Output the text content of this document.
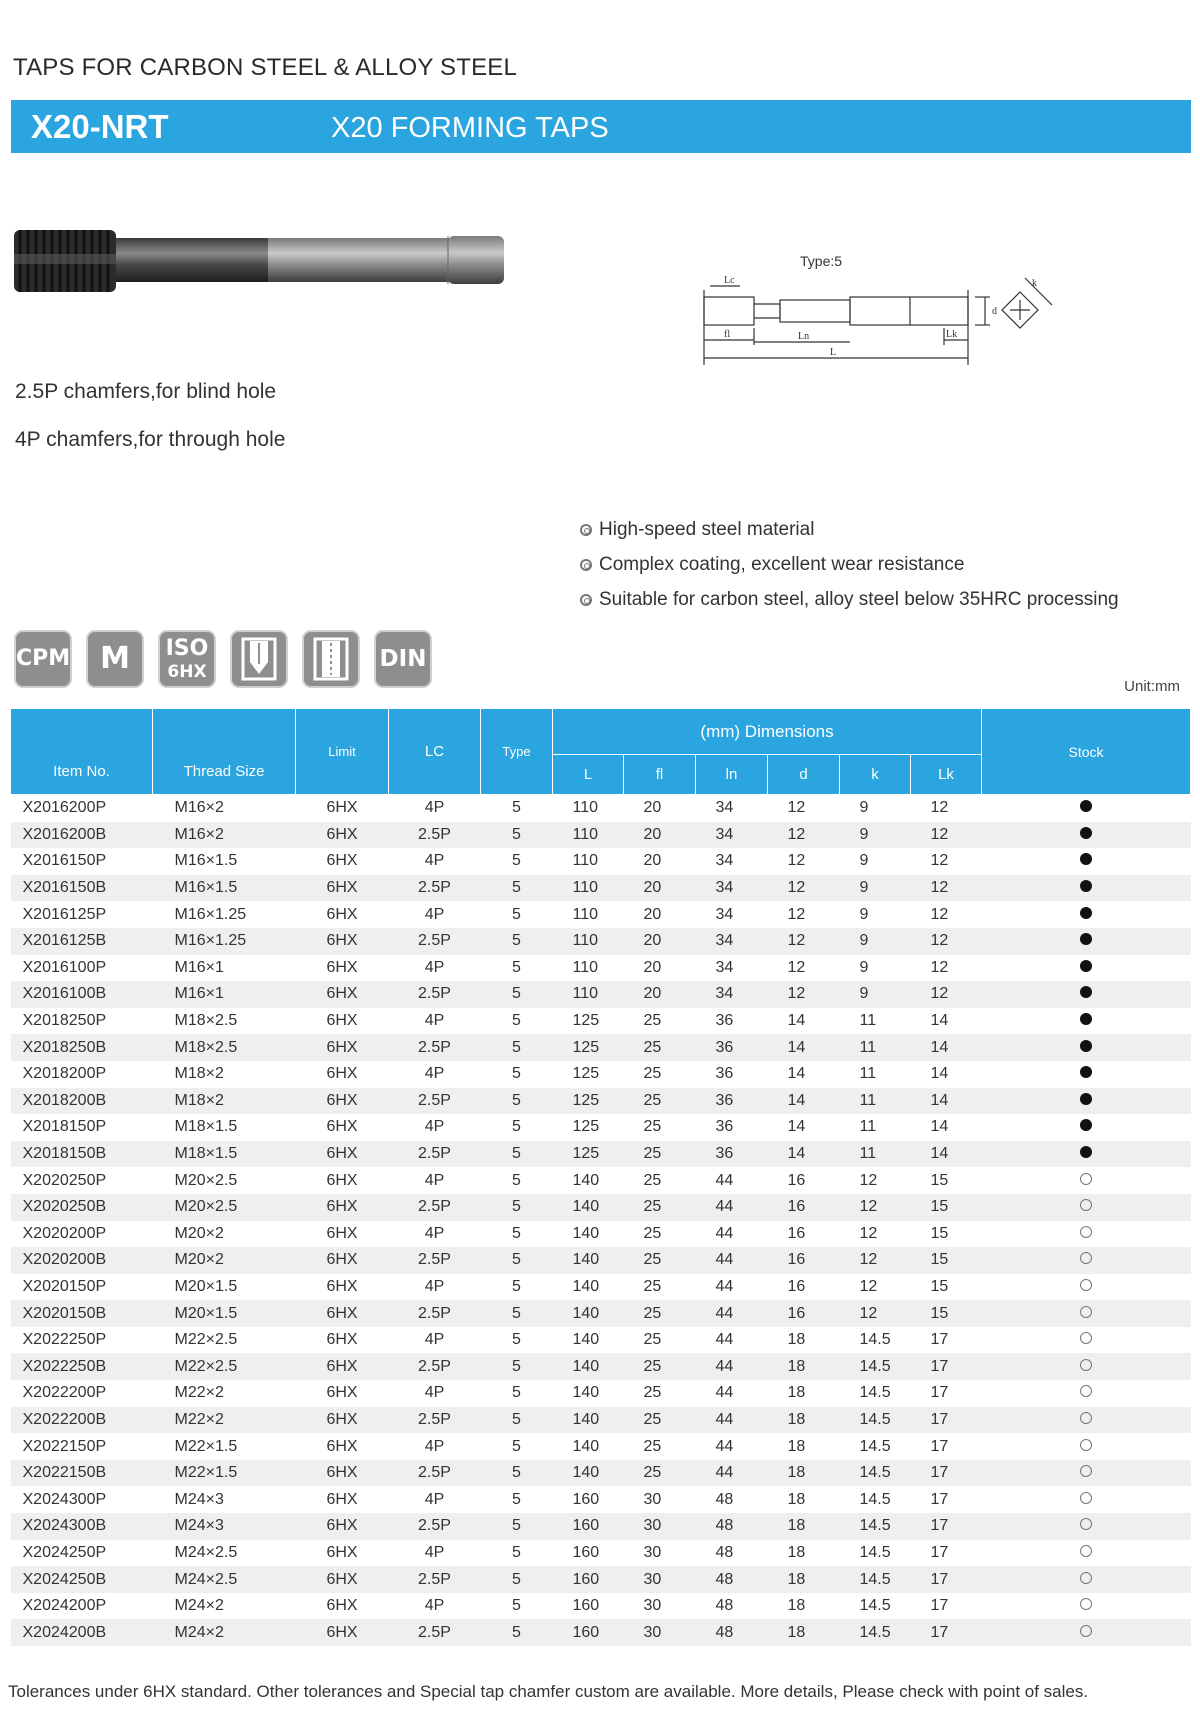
TAPS FOR CARBON STEEL & ALLOY STEEL
X20-NRT	X20 FORMING TAPS
Type:5
Lc
fl	Ln
L
Lk
d
k
2.5P chamfers,for blind hole
4P chamfers,for through hole
High-speed steel material
Complex coating, excellent wear resistance
Suitable for carbon steel, alloy steel below 35HRC processing
CPM M	ISO
6HX	DIN
Unit:mm
Item No.	Thread Size	Limit	LC	Type	(mm) Dimensions						Stock
					L	fl	ln	d	k	Lk	
X2016200P	M16×2	6HX	4P	5	110	20	34	12	9	12	
X2016200B	M16×2	6HX	2.5P	5	110	20	34	12	9	12	
X2016150P	M16×1.5	6HX	4P	5	110	20	34	12	9	12	
X2016150B	M16×1.5	6HX	2.5P	5	110	20	34	12	9	12	
X2016125P	M16×1.25	6HX	4P	5	110	20	34	12	9	12	
X2016125B	M16×1.25	6HX	2.5P	5	110	20	34	12	9	12	
X2016100P	M16×1	6HX	4P	5	110	20	34	12	9	12	
X2016100B	M16×1	6HX	2.5P	5	110	20	34	12	9	12	
X2018250P	M18×2.5	6HX	4P	5	125	25	36	14	11	14	
X2018250B	M18×2.5	6HX	2.5P	5	125	25	36	14	11	14	
X2018200P	M18×2	6HX	4P	5	125	25	36	14	11	14	
X2018200B	M18×2	6HX	2.5P	5	125	25	36	14	11	14	
X2018150P	M18×1.5	6HX	4P	5	125	25	36	14	11	14	
X2018150B	M18×1.5	6HX	2.5P	5	125	25	36	14	11	14	
X2020250P	M20×2.5	6HX	4P	5	140	25	44	16	12	15	
X2020250B	M20×2.5	6HX	2.5P	5	140	25	44	16	12	15	
X2020200P	M20×2	6HX	4P	5	140	25	44	16	12	15	
X2020200B	M20×2	6HX	2.5P	5	140	25	44	16	12	15	
X2020150P	M20×1.5	6HX	4P	5	140	25	44	16	12	15	
X2020150B	M20×1.5	6HX	2.5P	5	140	25	44	16	12	15	
X2022250P	M22×2.5	6HX	4P	5	140	25	44	18	14.5	17	
X2022250B	M22×2.5	6HX	2.5P	5	140	25	44	18	14.5	17	
X2022200P	M22×2	6HX	4P	5	140	25	44	18	14.5	17	
X2022200B	M22×2	6HX	2.5P	5	140	25	44	18	14.5	17	
X2022150P	M22×1.5	6HX	4P	5	140	25	44	18	14.5	17	
X2022150B	M22×1.5	6HX	2.5P	5	140	25	44	18	14.5	17	
X2024300P	M24×3	6HX	4P	5	160	30	48	18	14.5	17	
X2024300B	M24×3	6HX	2.5P	5	160	30	48	18	14.5	17	
X2024250P	M24×2.5	6HX	4P	5	160	30	48	18	14.5	17	
X2024250B	M24×2.5	6HX	2.5P	5	160	30	48	18	14.5	17	
X2024200P	M24×2	6HX	4P	5	160	30	48	18	14.5	17	
X2024200B	M24×2	6HX	2.5P	5	160	30	48	18	14.5	17	
Tolerances under 6HX standard. Other tolerances and Special tap chamfer custom are available. More details, Please check with point of sales.
